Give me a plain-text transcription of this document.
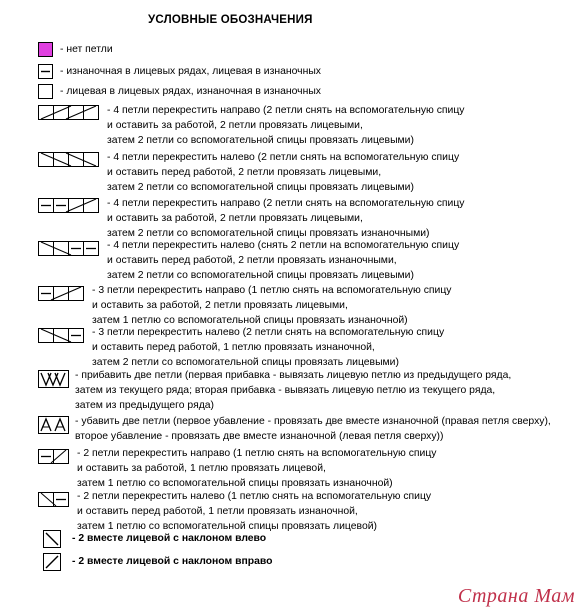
УСЛОВНЫЕ ОБОЗНАЧЕНИЯ
- нет петли
- изнаночная в лицевых рядах, лицевая в изнаночных
- лицевая в лицевых рядах, изнаночная в изнаночных
- 4 петли перекрестить направо (2 петли снять на вспомогательную спицу
и оставить за работой, 2 петли провязать лицевыми,
затем 2 петли со вспомогательной спицы провязать лицевыми)
- 4 петли перекрестить налево (2 петли снять на вспомогательную спицу
и оставить перед работой, 2 петли провязать лицевыми,
затем 2 петли со вспомогательной спицы провязать лицевыми)
- 4 петли перекрестить направо (2 петли снять на вспомогательную спицу
и оставить за работой, 2 петли провязать лицевыми,
затем 2 петли со вспомогательной спицы провязать изнаночными)
- 4 петли перекрестить налево (снять 2 петли на вспомогательную спицу
и оставить перед работой, 2 петли провязать изнаночными,
затем 2 петли со вспомогательной спицы провязать лицевыми)
- 3 петли перекрестить направо (1 петлю снять на вспомогательную спицу
и оставить за работой, 2 петли провязать лицевыми,
затем 1 петлю со вспомогательной спицы провязать изнаночной)
- 3 петли перекрестить налево (2 петли снять на вспомогательную спицу
и оставить перед работой, 1 петлю провязать изнаночной,
затем 2 петли со вспомогательной спицы провязать лицевыми)
- прибавить две петли (первая прибавка - вывязать лицевую петлю из предыдущего ряда,
затем из текущего ряда; вторая прибавка - вывязать лицевую петлю из текущего ряда,
затем из предыдущего ряда)
- убавить две петли (первое убавление - провязать две вместе изнаночной (правая петля сверху),
второе убавление - провязать две вместе изнаночной (левая петля сверху))
- 2 петли перекрестить направо (1 петлю снять на вспомогательную спицу
и оставить за работой, 1 петлю провязать лицевой,
затем 1 петлю со вспомогательной спицы провязать изнаночной)
- 2 петли перекрестить налево (1 петлю снять на вспомогательную спицу
и оставить перед работой, 1 петли провязать изнаночной,
затем 1 петлю со вспомогательной спицы провязать лицевой)
- 2 вместе лицевой с наклоном влево
- 2 вместе лицевой с наклоном вправо
Страна Мам
